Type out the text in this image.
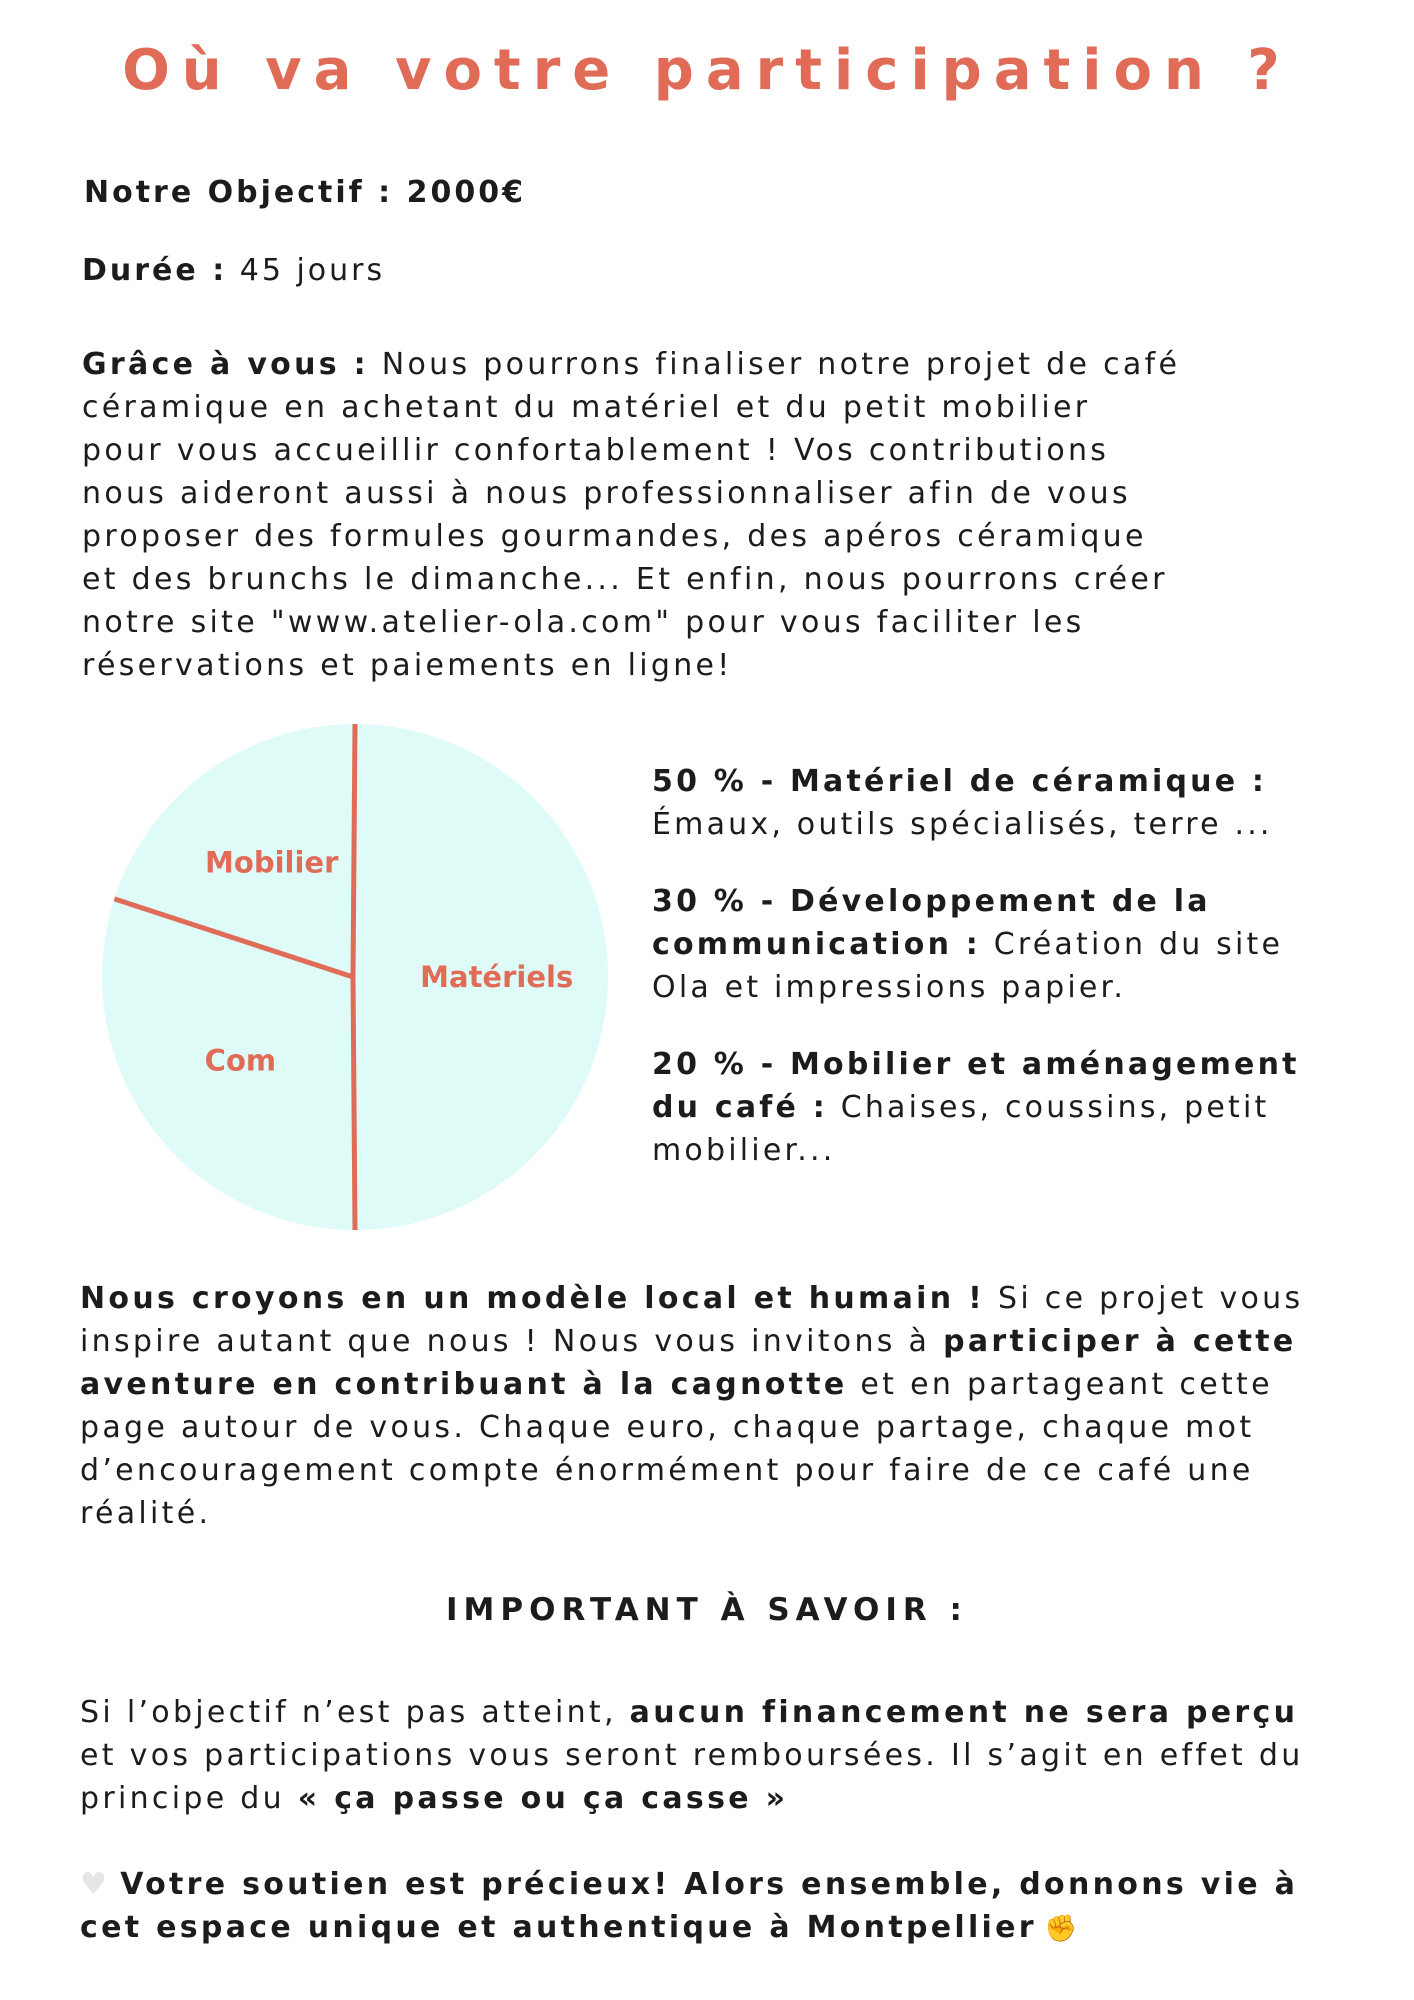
Où va votre participation ?
Notre Objectif : 2000€
Durée : 45 jours

Grâce à vous : Nous pourrons finaliser notre projet de café

céramique en achetant du matériel et du petit mobilier

pour vous accueillir confortablement ! Vos contributions

nous aideront aussi à nous professionnaliser afin de vous

proposer des formules gourmandes, des apéros céramique

et des brunchs le dimanche... Et enfin, nous pourrons créer

notre site "www.atelier-ola.com" pour vous faciliter les

réservations et paiements en ligne!

Matériels
Com
Mobilier

50 % - Matériel de céramique :
Émaux, outils spécialisés, terre ...

30 % - Développement de la communication : Création du site Ola et impressions papier.

20 % - Mobilier et aménagement du café : Chaises, coussins, petit mobilier...

Nous croyons en un modèle local et humain ! Si ce projet vous inspire autant que nous ! Nous vous invitons à participer à cette aventure en contribuant à la cagnotte et en partageant cette page autour de vous. Chaque euro, chaque partage, chaque mot d’encouragement compte énormément pour faire de ce café une réalité.

IMPORTANT À SAVOIR :

Si l’objectif n’est pas atteint, aucun financement ne sera perçu et vos participations vous seront remboursées. Il s’agit en effet du principe du « ça passe ou ça casse »

♥ Votre soutien est précieux! Alors ensemble, donnons vie à cet espace unique et authentique à Montpellier ✊
